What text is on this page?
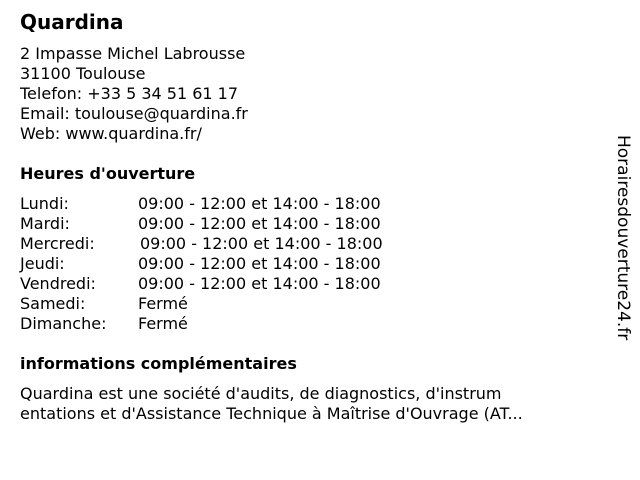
Quardina
2 Impasse Michel Labrousse
31100 Toulouse
Telefon: +33 5 34 51 61 17
Email: toulouse@quardina.fr
Web: www.quardina.fr/
Heures d'ouverture
Lundi:	09:00 - 12:00 et 14:00 - 18:00
Mardi:	09:00 - 12:00 et 14:00 - 18:00
Mercredi:	09:00 - 12:00 et 14:00 - 18:00
Jeudi:	09:00 - 12:00 et 14:00 - 18:00
Vendredi:	09:00 - 12:00 et 14:00 - 18:00
Samedi:	Fermé
Dimanche: Fermé
informations complémentaires
Quardina est une société d'audits, de diagnostics, d'instrum
entations et d'Assistance Technique à Maîtrise d'Ouvrage (AT...
Horairesdouverture24.fr
